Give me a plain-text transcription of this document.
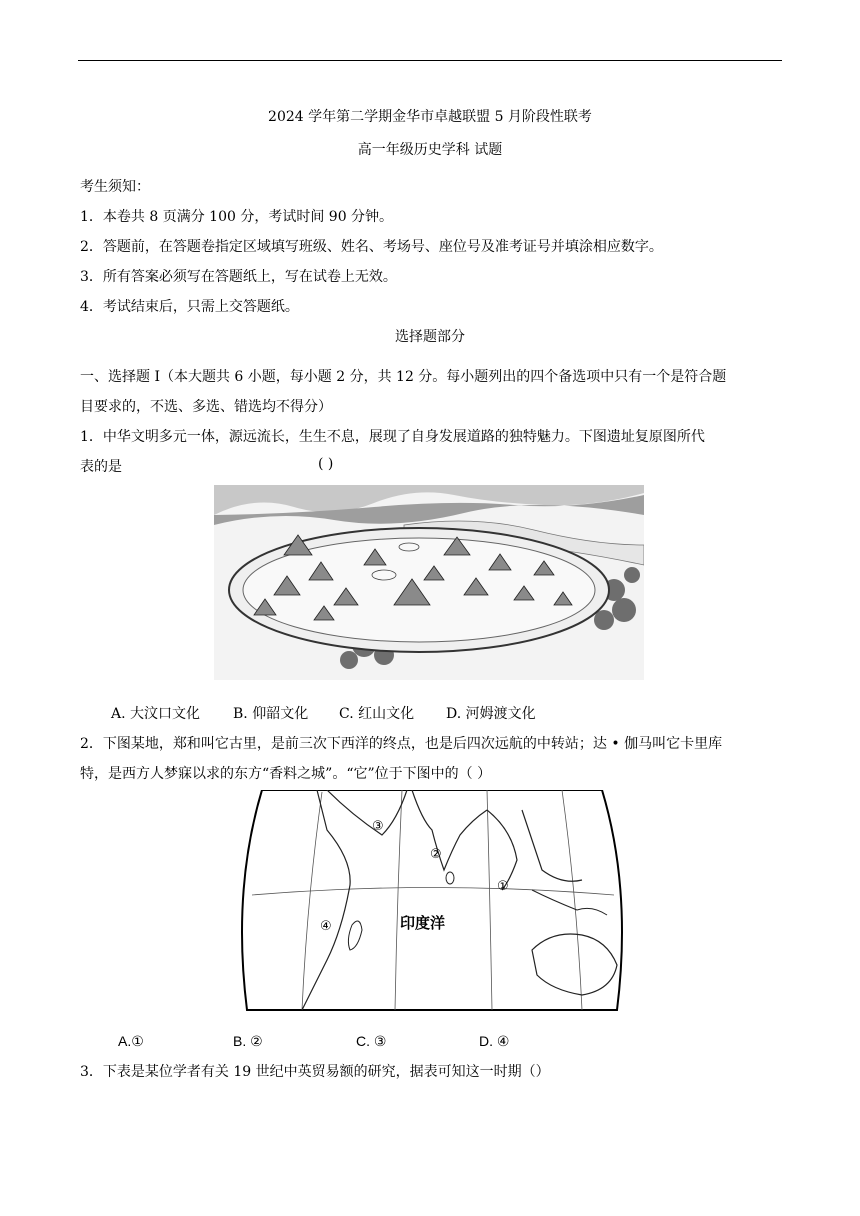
2024 学年第二学期金华市卓越联盟 5 月阶段性联考
高一年级历史学科 试题
考生须知：
1．本卷共 8 页满分 100 分，考试时间 90 分钟。
2．答题前，在答题卷指定区域填写班级、姓名、考场号、座位号及准考证号并填涂相应数字。
3．所有答案必须写在答题纸上，写在试卷上无效。
4．考试结束后，只需上交答题纸。
选择题部分
一、选择题 I（本大题共 6 小题，每小题 2 分，共 12 分。每小题列出的四个备选项中只有一个是符合题
目要求的，不选、多选、错选均不得分）
1．中华文明多元一体，源远流长，生生不息，展现了自身发展道路的独特魅力。下图遗址复原图所代
表的是	( )
A. 大汶口文化 B. 仰韶文化 C. 红山文化 D. 河姆渡文化
2．下图某地，郑和叫它古里，是前三次下西洋的终点，也是后四次远航的中转站；达 • 伽马叫它卡里库
特，是西方人梦寐以求的东方“香料之城”。“它”位于下图中的（ ）
③
②
①
④	印度洋
A.①	B. ②	C. ③	D. ④
3．下表是某位学者有关 19 世纪中英贸易额的研究，据表可知这一时期（）
